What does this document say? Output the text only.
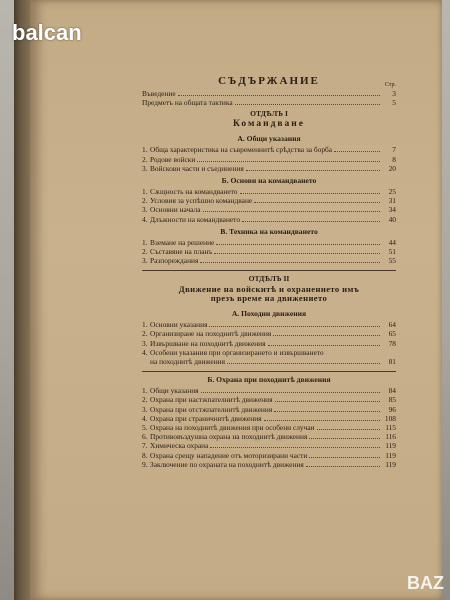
СЪДЪРЖАНИЕ	Стр.
Въведение	3
Предметъ на общата тактика	5
ОТДѢЛЪ I
Командване
А. Общи указания
1. Обща характеристика на съвременнитѣ срѣдства за борба	7
2. Родове войски	8
3. Войскови части и съединения	20
Б. Основи на командването
1. Сѫщность на командването	25
2. Условия за успѣшно командване	31
3. Основни начала	34
4. Длъжности на командването	40
В. Техника на командването
1. Вземане на решение	44
2. Съставяне на планъ	51
3. Разпореждания	55
ОТДѢЛЪ II
Движение на войскитѣ и охранението имъ
презъ време на движението
А. Походни движения
1. Основни указания	64
2. Организиране на походнитѣ движения	65
3. Извършване на походнитѣ движения	78
4. Особени указания при организирането и извършването
на походнитѣ движения	81
Б. Охрана при походнитѣ движения
1. Общи указания	84
2. Охрана при настжпателнитѣ движения	85
3. Охрана при отстжпателнитѣ движения	96
4. Охрана при страничнитѣ движения	108
5. Охрана на походнитѣ движения при особени случаи	115
6. Противовъздушна охрана на походнитѣ движения	116
7. Химическа охрана	119
8. Охрана срещу нападение отъ моторизирани части	119
9. Заключение по охраната на походнитѣ движения	119
balcan
BAZ
